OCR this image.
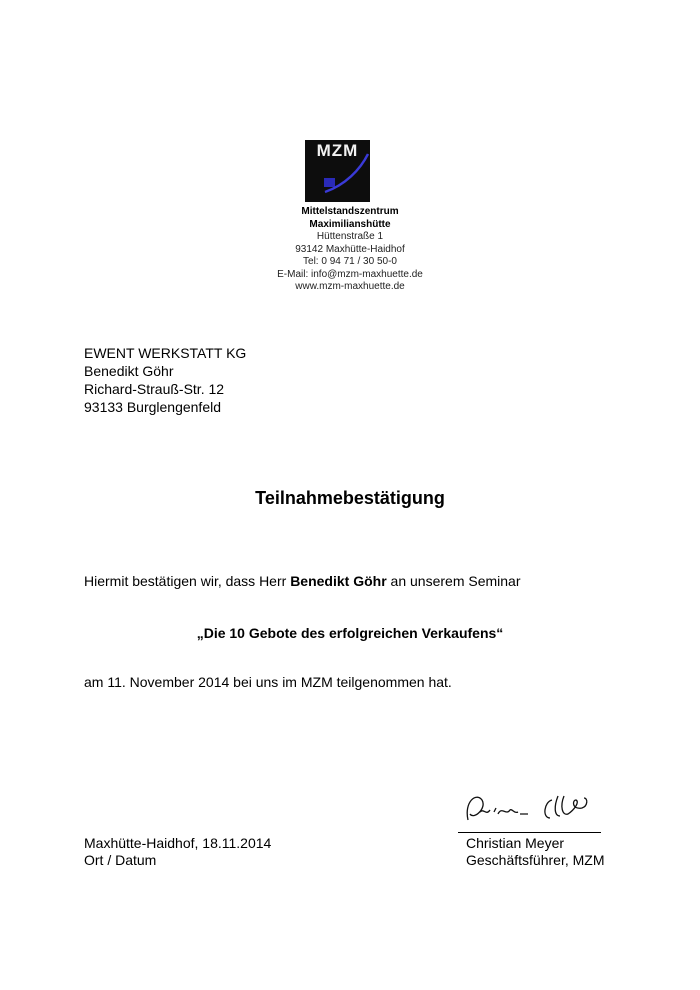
MZM
Mittelstandszentrum
Maximilianshütte
Hüttenstraße 1
93142 Maxhütte-Haidhof
Tel: 0 94 71 / 30 50-0
E-Mail: info@mzm-maxhuette.de
www.mzm-maxhuette.de
EWENT WERKSTATT KG
Benedikt Göhr
Richard-Strauß-Str. 12
93133 Burglengenfeld
Teilnahmebestätigung
Hiermit bestätigen wir, dass Herr Benedikt Göhr an unserem Seminar
„Die 10 Gebote des erfolgreichen Verkaufens“
am 11. November 2014 bei uns im MZM teilgenommen hat.
Maxhütte-Haidhof, 18.11.2014
Ort / Datum
Christian Meyer
Geschäftsführer, MZM
